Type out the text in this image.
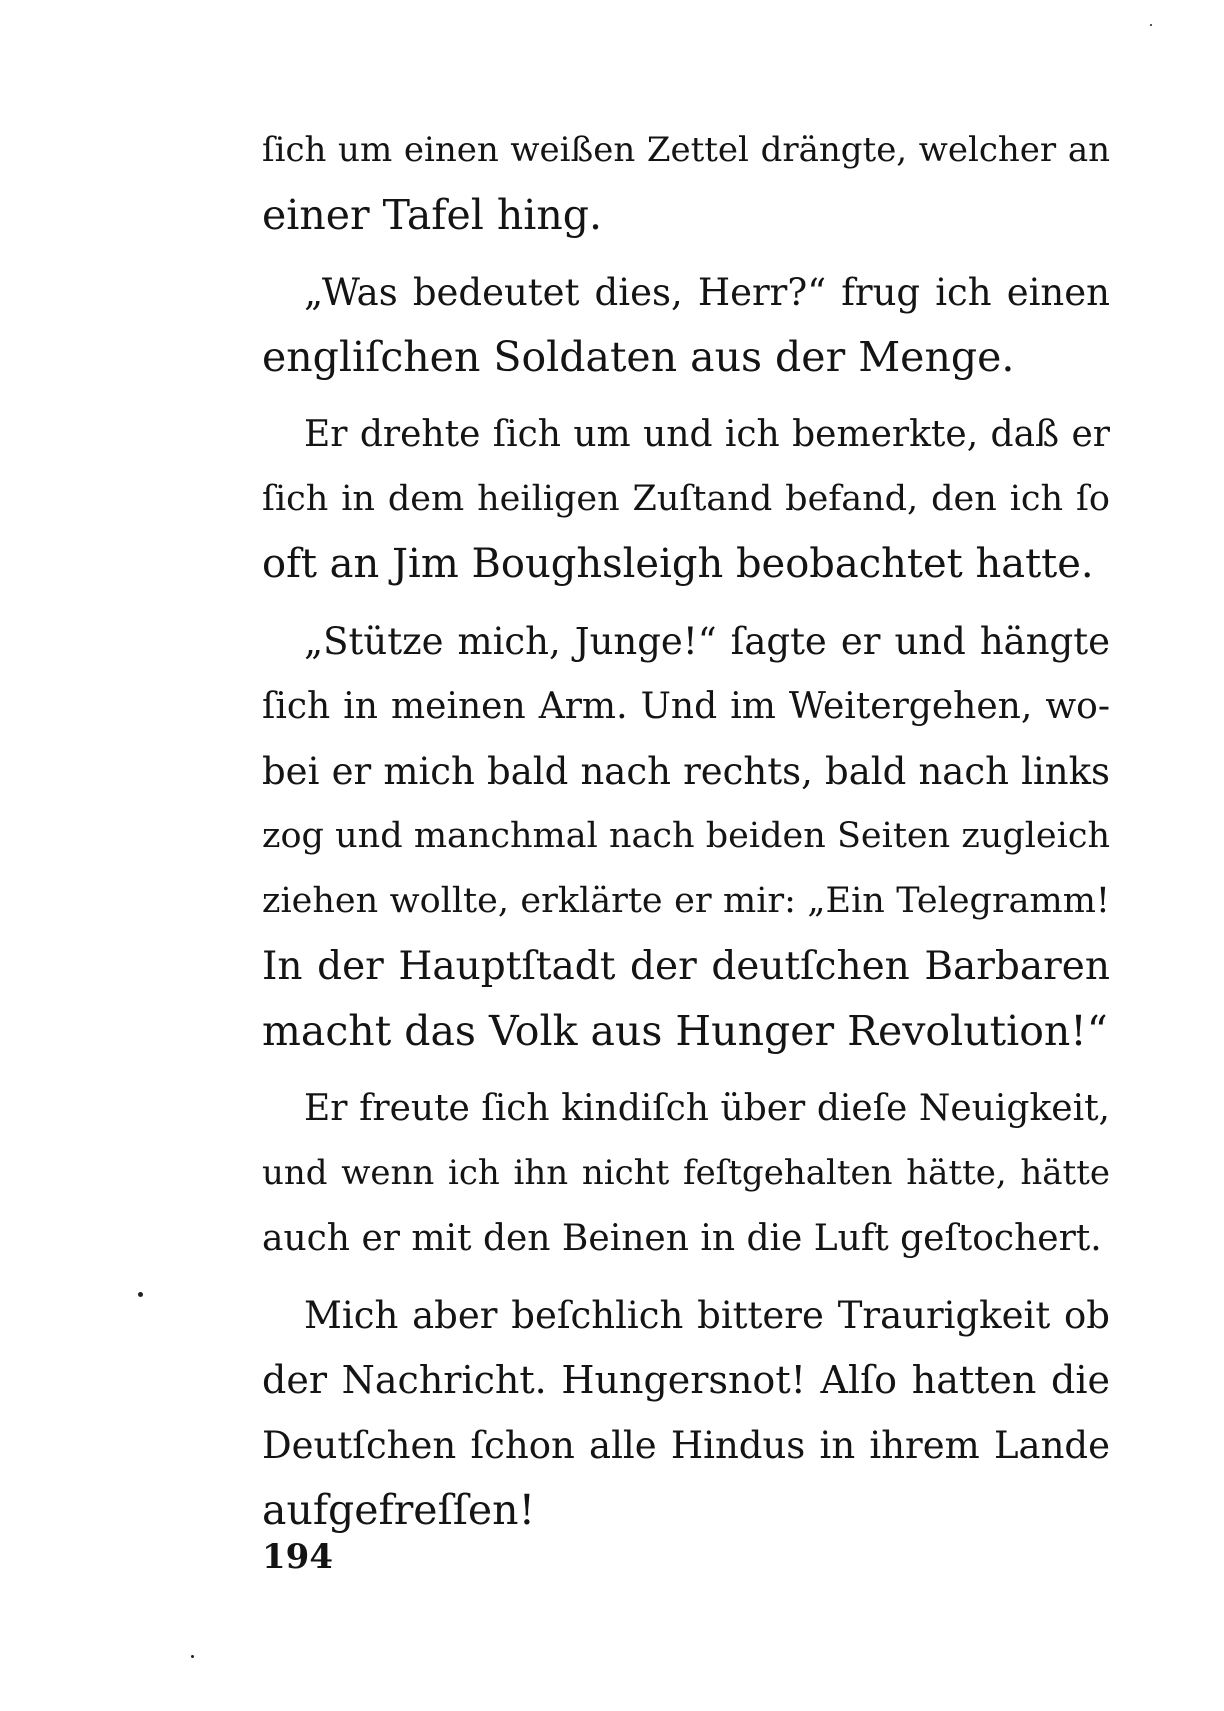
ſich um einen weißen Zettel drängte, welcher an
einer Tafel hing.
„Was bedeutet dies, Herr?“ frug ich einen
engliſchen Soldaten aus der Menge.
Er drehte ſich um und ich bemerkte, daß er
ſich in dem heiligen Zuſtand befand, den ich ſo
oft an Jim Boughsleigh beobachtet hatte.
„Stütze mich, Junge!“ ſagte er und hängte
ſich in meinen Arm. Und im Weitergehen, wo-
bei er mich bald nach rechts, bald nach links
zog und manchmal nach beiden Seiten zugleich
ziehen wollte, erklärte er mir: „Ein Telegramm!
In der Hauptſtadt der deutſchen Barbaren
macht das Volk aus Hunger Revolution!“
Er freute ſich kindiſch über dieſe Neuigkeit,
und wenn ich ihn nicht feſtgehalten hätte, hätte
auch er mit den Beinen in die Luft geſtochert.
Mich aber beſchlich bittere Traurigkeit ob
der Nachricht. Hungersnot! Alſo hatten die
Deutſchen ſchon alle Hindus in ihrem Lande
aufgefreſſen!
194
